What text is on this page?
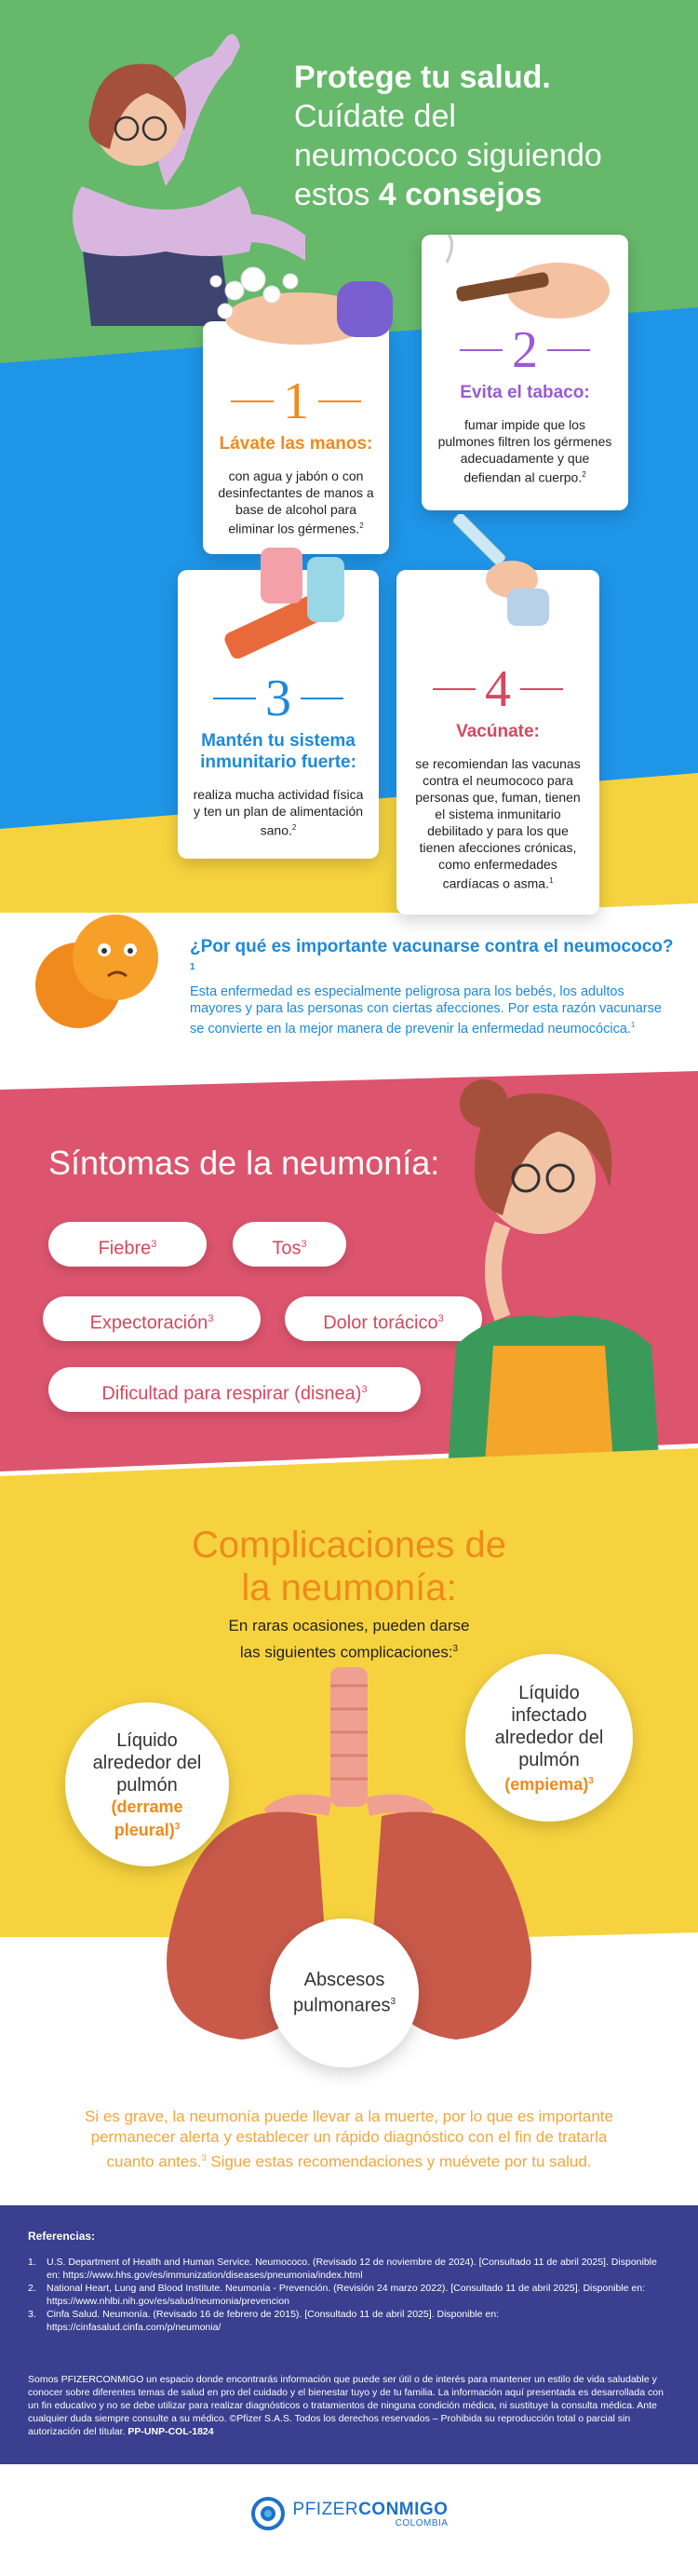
Protege tu salud.
Cuídate del
neumococo siguiendo
estos 4 consejos
1
Lávate las manos:
con agua y jabón o con desinfectantes de manos a base de alcohol para eliminar los gérmenes.$^2$
2
Evita el tabaco:
fumar impide que los pulmones filtren los gérmenes adecuadamente y que defiendan al cuerpo.$^2$
3
Mantén tu sistema inmunitario fuerte:
realiza mucha actividad física y ten un plan de alimentación sano.$^2$
4
Vacúnate:
se recomiendan las vacunas contra el neumococo para personas que, fuman, tienen el sistema inmunitario debilitado y para los que tienen afecciones crónicas, como enfermedades cardíacas o asma.$^1$
¿Por qué es importante vacunarse contra el neumococo?$^1$
Esta enfermedad es especialmente peligrosa para los bebés, los adultos mayores y para las personas con ciertas afecciones. Por esta razón vacunarse se convierte en la mejor manera de prevenir la enfermedad neumocócica.$^1$
Síntomas de la neumonía:
Fiebre$^3$	Tos$^3$
Expectoración$^3$	Dolor torácico$^3$
Dificultad para respirar (disnea)$^3$
Complicaciones de
la neumonía:
En raras ocasiones, pueden darse
las siguientes complicaciones:$^3$
Líquido alrededor del pulmón
(derrame pleural)$^3$
Líquido infectado alrededor del pulmón
(empiema)$^3$
Abscesos pulmonares$^3$
Si es grave, la neumonía puede llevar a la muerte, por lo que es importante permanecer alerta y establecer un rápido diagnóstico con el fin de tratarla cuanto antes.$^3$ Sigue estas recomendaciones y muévete por tu salud.
Referencias:
1.	U.S. Department of Health and Human Service. Neumococo. (Revisado 12 de noviembre de 2024). [Consultado 11 de abril 2025]. Disponible en: https://www.hhs.gov/es/immunization/diseases/pneumonia/index.html
2.	National Heart, Lung and Blood Institute. Neumonía - Prevención. (Revisión 24 marzo 2022). [Consultado 11 de abril 2025]. Disponible en: https://www.nhlbi.nih.gov/es/salud/neumonia/prevencion
3.	Cinfa Salud. Neumonía. (Revisado 16 de febrero de 2015). [Consultado 11 de abril 2025]. Disponible en: https://cinfasalud.cinfa.com/p/neumonia/
Somos PFIZERCONMIGO un espacio donde encontrarás información que puede ser útil o de interés para mantener un estilo de vida saludable y conocer sobre diferentes temas de salud en pro del cuidado y el bienestar tuyo y de tu familia. La información aquí presentada es desarrollada con un fin educativo y no se debe utilizar para realizar diagnósticos o tratamientos de ninguna condición médica, ni sustituye la consulta médica. Ante cualquier duda siempre consulte a su médico. ©Pfizer S.A.S. Todos los derechos reservados – Prohibida su reproducción total o parcial sin autorización del titular. PP-UNP-COL-1824
PFIZERCONMIGO
COLOMBIA
